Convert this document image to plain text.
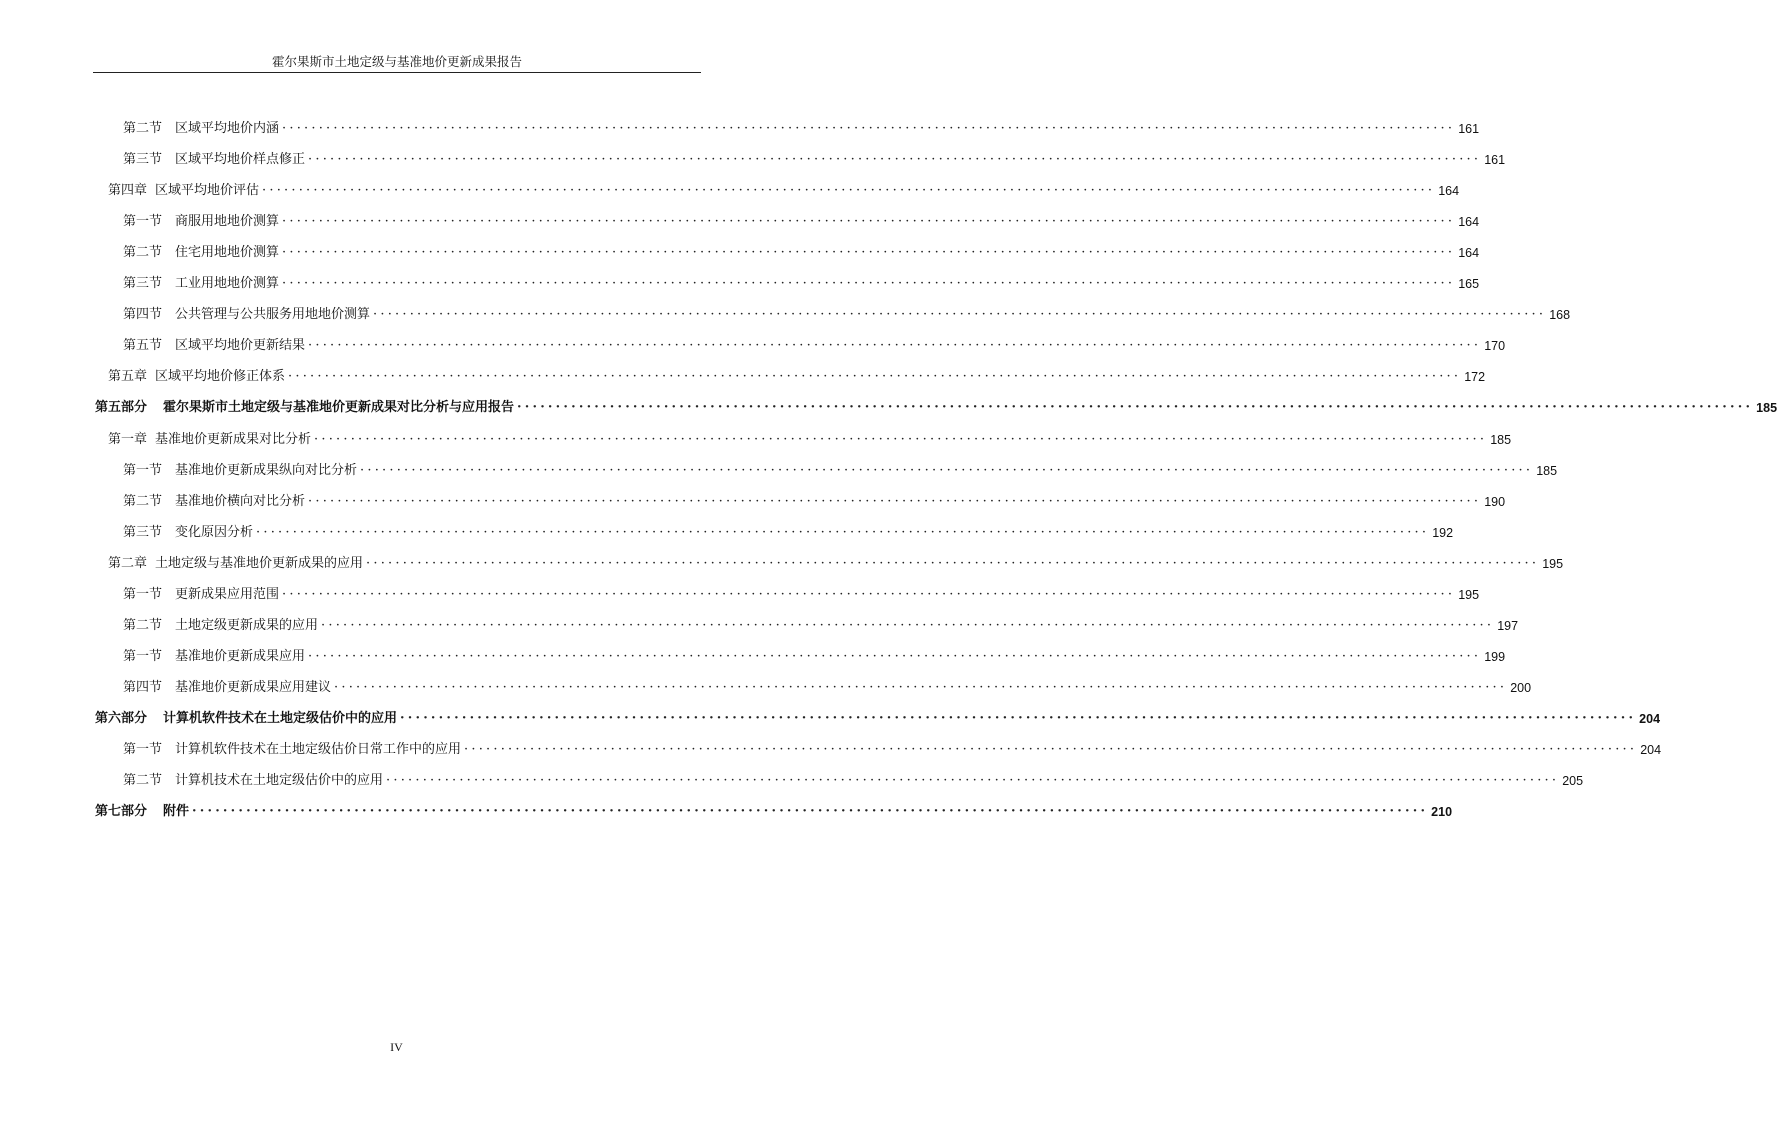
霍尔果斯市土地定级与基准地价更新成果报告
第二节 区域平均地价内涵 ································································································································································ 161
第三节 区域平均地价样点修正 ································································································································································ 161
第四章 区域平均地价评估 ································································································································································ 164
第一节 商服用地地价测算 ································································································································································ 164
第二节 住宅用地地价测算 ································································································································································ 164
第三节 工业用地地价测算 ································································································································································ 165
第四节 公共管理与公共服务用地地价测算 ································································································································································ 168
第五节 区域平均地价更新结果 ································································································································································ 170
第五章 区域平均地价修正体系 ································································································································································ 172
第五部分 霍尔果斯市土地定级与基准地价更新成果对比分析与应用报告 ································································································································································ 185
第一章 基准地价更新成果对比分析 ································································································································································ 185
第一节 基准地价更新成果纵向对比分析 ································································································································································ 185
第二节 基准地价横向对比分析 ································································································································································ 190
第三节 变化原因分析 ································································································································································ 192
第二章 土地定级与基准地价更新成果的应用 ································································································································································ 195
第一节 更新成果应用范围 ································································································································································ 195
第二节 土地定级更新成果的应用 ································································································································································ 197
第一节 基准地价更新成果应用 ································································································································································ 199
第四节 基准地价更新成果应用建议 ································································································································································ 200
第六部分 计算机软件技术在土地定级估价中的应用 ································································································································································ 204
第一节 计算机软件技术在土地定级估价日常工作中的应用 ································································································································································ 204
第二节 计算机技术在土地定级估价中的应用 ································································································································································ 205
第七部分 附件 ································································································································································ 210
IV
